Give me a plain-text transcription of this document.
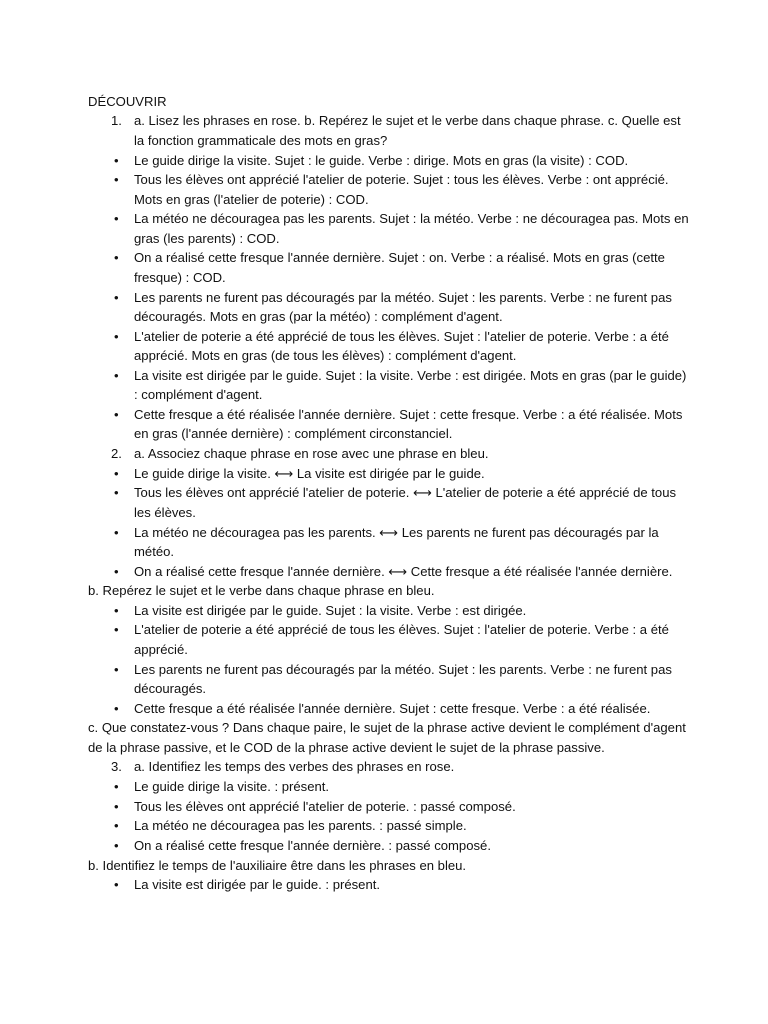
DÉCOUVRIR

1. a. Lisez les phrases en rose. b. Repérez le sujet et le verbe dans chaque phrase. c. Quelle est la fonction grammaticale des mots en gras?
•	Le guide dirige la visite. Sujet : le guide. Verbe : dirige. Mots en gras (la visite) : COD.
•	Tous les élèves ont apprécié l'atelier de poterie. Sujet : tous les élèves. Verbe : ont apprécié. Mots en gras (l'atelier de poterie) : COD.
•	La météo ne découragea pas les parents. Sujet : la météo. Verbe : ne découragea pas. Mots en gras (les parents) : COD.
•	On a réalisé cette fresque l'année dernière. Sujet : on. Verbe : a réalisé. Mots en gras (cette fresque) : COD.
•	Les parents ne furent pas découragés par la météo. Sujet : les parents. Verbe : ne furent pas découragés. Mots en gras (par la météo) : complément d'agent.
•	L'atelier de poterie a été apprécié de tous les élèves. Sujet : l'atelier de poterie. Verbe : a été apprécié. Mots en gras (de tous les élèves) : complément d'agent.
•	La visite est dirigée par le guide. Sujet : la visite. Verbe : est dirigée. Mots en gras (par le guide) : complément d'agent.
•	Cette fresque a été réalisée l'année dernière. Sujet : cette fresque. Verbe : a été réalisée. Mots en gras (l'année dernière) : complément circonstanciel.
2. a. Associez chaque phrase en rose avec une phrase en bleu.
•	Le guide dirige la visite. ⟷ La visite est dirigée par le guide.
•	Tous les élèves ont apprécié l'atelier de poterie. ⟷ L'atelier de poterie a été apprécié de tous les élèves.
•	La météo ne découragea pas les parents. ⟷ Les parents ne furent pas découragés par la météo.
•	On a réalisé cette fresque l'année dernière. ⟷ Cette fresque a été réalisée l'année dernière.

b. Repérez le sujet et le verbe dans chaque phrase en bleu.

•	La visite est dirigée par le guide. Sujet : la visite. Verbe : est dirigée.
•	L'atelier de poterie a été apprécié de tous les élèves. Sujet : l'atelier de poterie. Verbe : a été apprécié.
•	Les parents ne furent pas découragés par la météo. Sujet : les parents. Verbe : ne furent pas découragés.
•	Cette fresque a été réalisée l'année dernière. Sujet : cette fresque. Verbe : a été réalisée.

c. Que constatez-vous ? Dans chaque paire, le sujet de la phrase active devient le complément d'agent de la phrase passive, et le COD de la phrase active devient le sujet de la phrase passive.

3. a. Identifiez les temps des verbes des phrases en rose.
•	Le guide dirige la visite. : présent.
•	Tous les élèves ont apprécié l'atelier de poterie. : passé composé.
•	La météo ne découragea pas les parents. : passé simple.
•	On a réalisé cette fresque l'année dernière. : passé composé.

b. Identifiez le temps de l'auxiliaire être dans les phrases en bleu.

•	La visite est dirigée par le guide. : présent.
